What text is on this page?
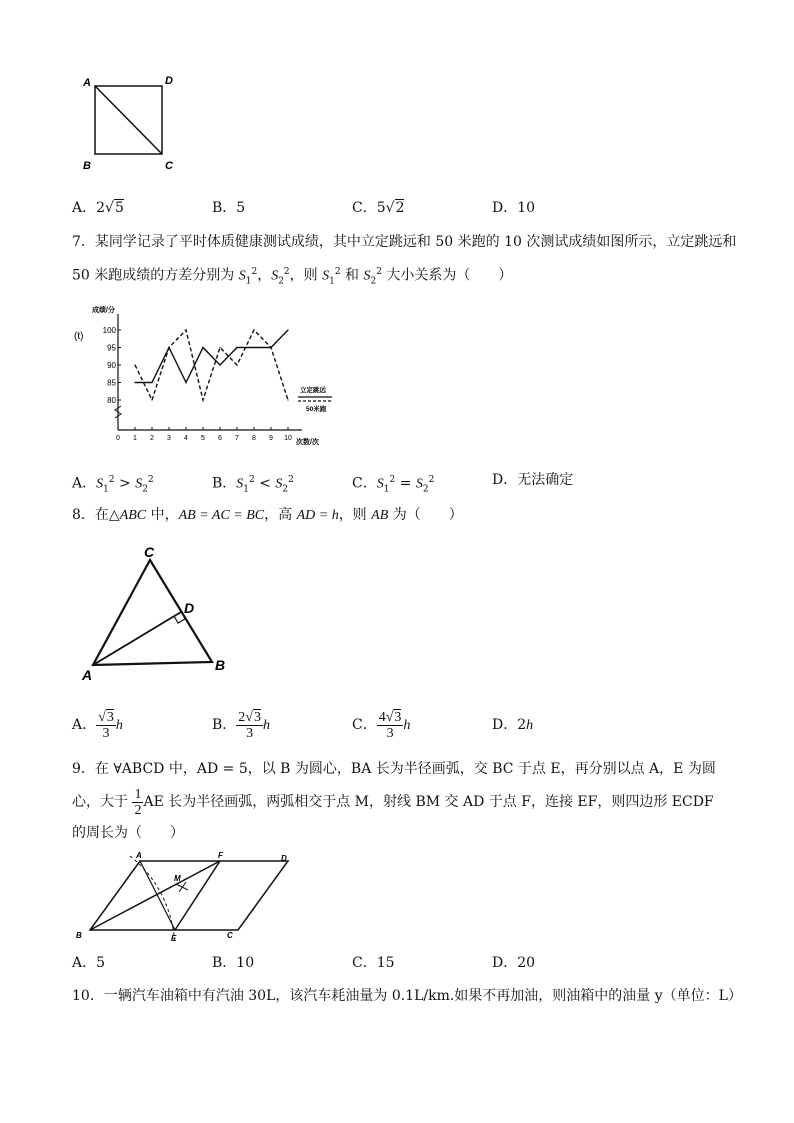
A	D
B	C
A．2√5	B．5	C．5√2	D．10
7．某同学记录了平时体质健康测试成绩，其中立定跳远和 50 米跑的 10 次测试成绩如图所示，立定跳远和
50 米跑成绩的方差分别为 $S_1^2$，$S_2^2$，则 $S_1^2$ 和 $S_2^2$ 大小关系为（　　）
100
95
90
85
80
0 1 2 3 4 5 6 7 8 9 10
成绩/分
(t)
次数/次
立定跳远
50米跑
A．$S_1^2 > S_2^2$	B．$S_1^2 < S_2^2$	C．$S_1^2 = S_2^2$	D．无法确定
8．在△ABC 中，AB = AC = BC，高 AD = h，则 AB 为（　　）
C
D
B
A
A． $\frac{√3}{3}$ h	B． $\frac{2√3}{3}$ h	C． $\frac{4√3}{3}$ h	D．2h
9．在 ∀ABCD 中，AD = 5，以 B 为圆心，BA 长为半径画弧，交 BC 于点 E，再分别以点 A，E 为圆
心，大于 $\frac{1}{2}$ AE 长为半径画弧，两弧相交于点 M，射线 BM 交 AD 于点 F，连接 EF，则四边形 ECDF
的周长为（　　）
A	F	D
M
B	E	C
A．5	B．10	C．15	D．20
10．一辆汽车油箱中有汽油 30L，该汽车耗油量为 0.1L/km.如果不再加油，则油箱中的油量 y（单位：L）
